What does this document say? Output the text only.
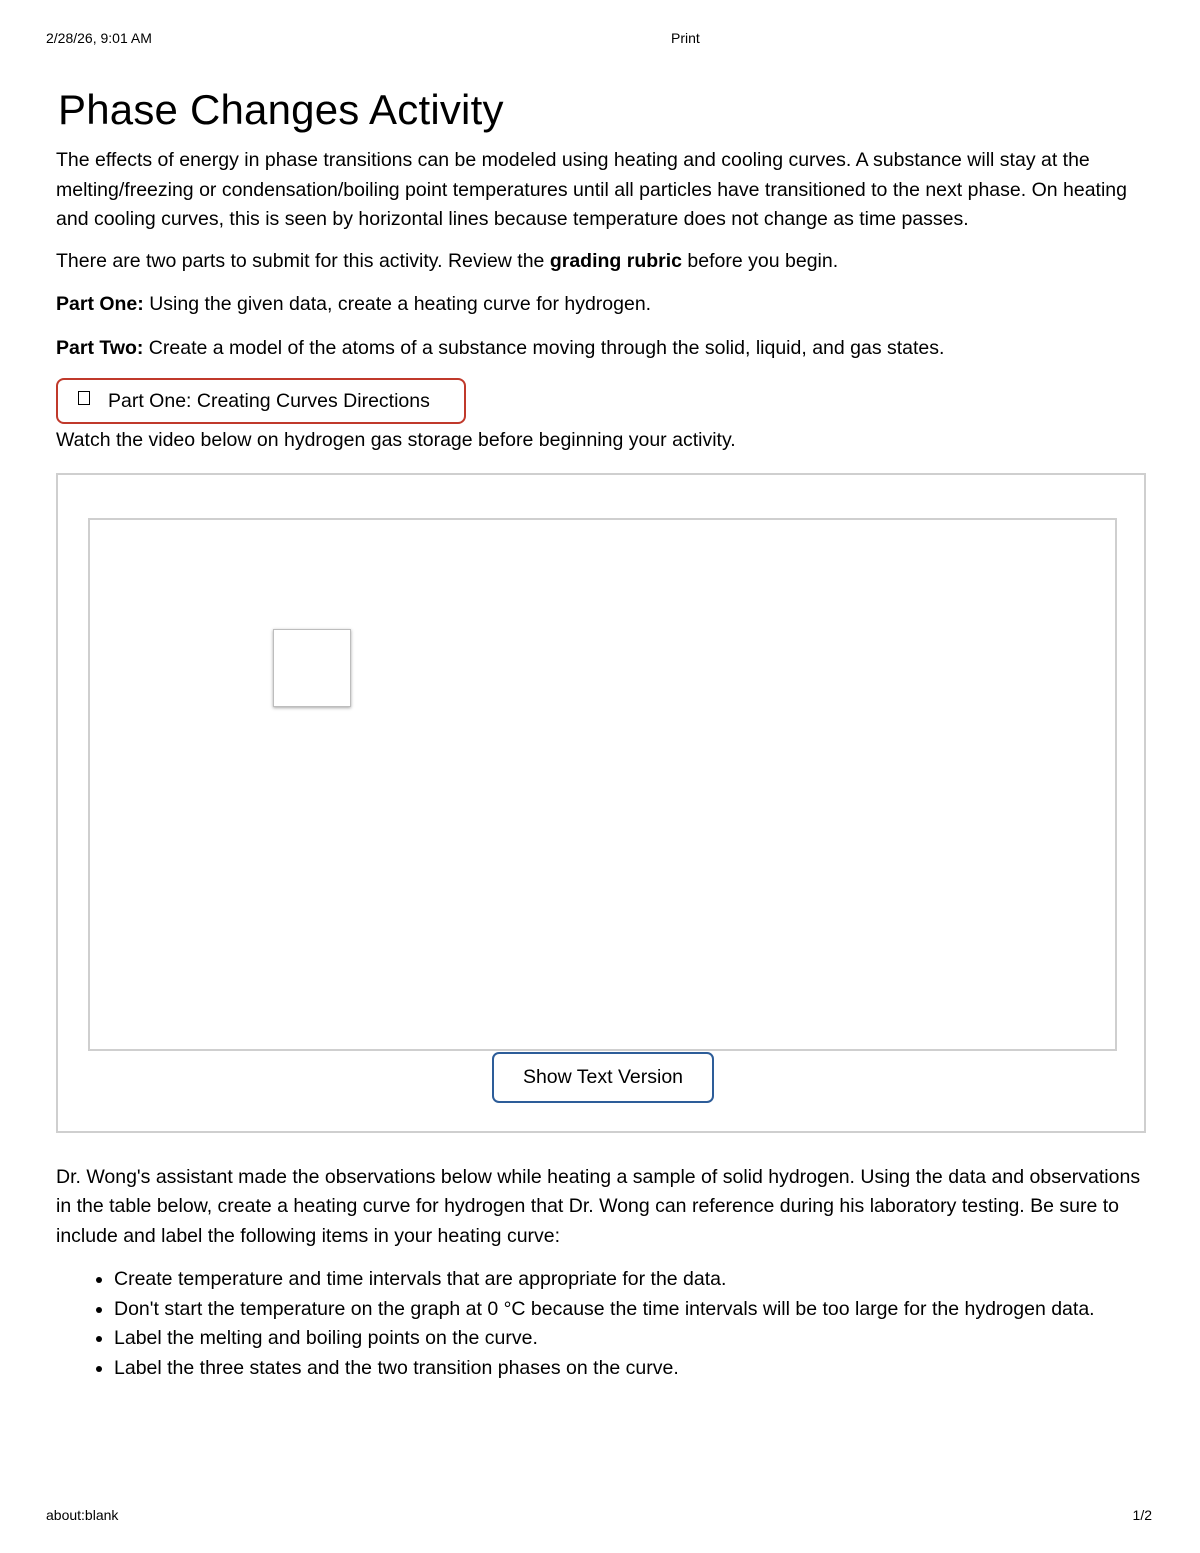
2/28/26, 9:01 AM	Print
Phase Changes Activity

The effects of energy in phase transitions can be modeled using heating and cooling curves. A substance will stay at the melting/freezing or condensation/boiling point temperatures until all particles have transitioned to the next phase. On heating and cooling curves, this is seen by horizontal lines because temperature does not change as time passes.

There are two parts to submit for this activity. Review the grading rubric before you begin.

Part One: Using the given data, create a heating curve for hydrogen.

Part Two: Create a model of the atoms of a substance moving through the solid, liquid, and gas states.

Part One: Creating Curves Directions

Watch the video below on hydrogen gas storage before beginning your activity.

Show Text Version

Dr. Wong's assistant made the observations below while heating a sample of solid hydrogen. Using the data and observations in the table below, create a heating curve for hydrogen that Dr. Wong can reference during his laboratory testing. Be sure to include and label the following items in your heating curve:

• Create temperature and time intervals that are appropriate for the data.
• Don't start the temperature on the graph at 0 °C because the time intervals will be too large for the hydrogen data.
• Label the melting and boiling points on the curve.
• Label the three states and the two transition phases on the curve.
about:blank	1/2
